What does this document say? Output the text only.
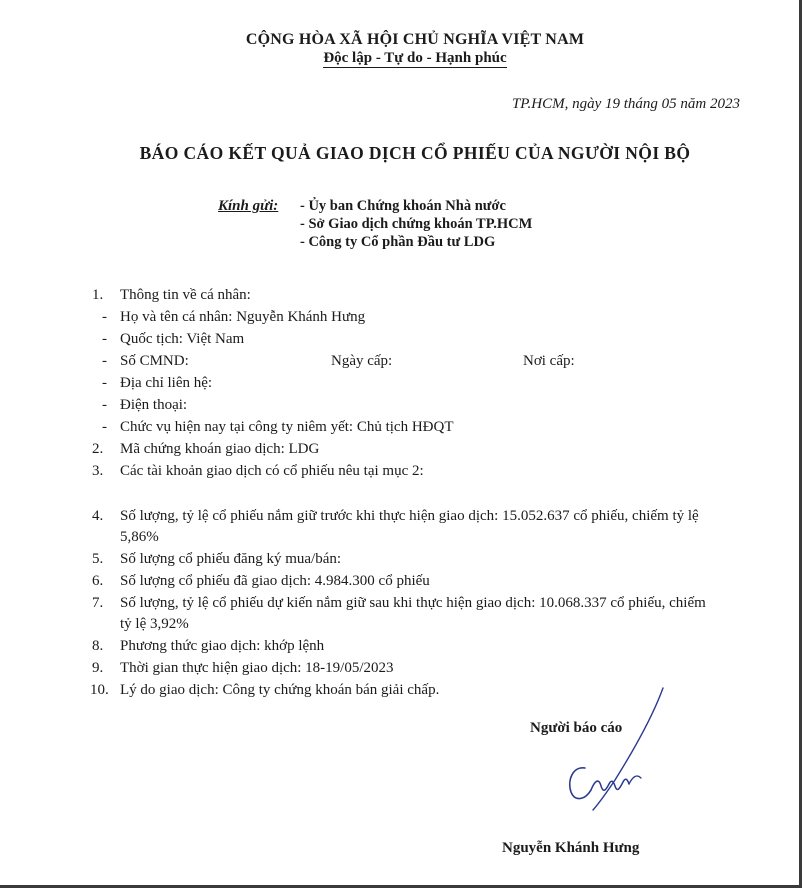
CỘNG HÒA XÃ HỘI CHỦ NGHĨA VIỆT NAM
Độc lập - Tự do - Hạnh phúc
TP.HCM, ngày 19 tháng 05 năm 2023
BÁO CÁO KẾT QUẢ GIAO DỊCH CỔ PHIẾU CỦA NGƯỜI NỘI BỘ
Kính gửi: - Ủy ban Chứng khoán Nhà nước
- Sở Giao dịch chứng khoán TP.HCM
- Công ty Cổ phần Đầu tư LDG
1. Thông tin về cá nhân:
- Họ và tên cá nhân: Nguyễn Khánh Hưng
- Quốc tịch: Việt Nam
- Số CMND:	Ngày cấp:	Nơi cấp:
- Địa chỉ liên hệ:
- Điện thoại:
- Chức vụ hiện nay tại công ty niêm yết: Chủ tịch HĐQT
2. Mã chứng khoán giao dịch: LDG
3. Các tài khoản giao dịch có cổ phiếu nêu tại mục 2:
4. Số lượng, tỷ lệ cổ phiếu nắm giữ trước khi thực hiện giao dịch: 15.052.637 cổ phiếu, chiếm tỷ lệ
5,86%
5. Số lượng cổ phiếu đăng ký mua/bán:
6. Số lượng cổ phiếu đã giao dịch: 4.984.300 cổ phiếu
7. Số lượng, tỷ lệ cổ phiếu dự kiến nắm giữ sau khi thực hiện giao dịch: 10.068.337 cổ phiếu, chiếm
tỷ lệ 3,92%
8. Phương thức giao dịch: khớp lệnh
9. Thời gian thực hiện giao dịch: 18-19/05/2023
10. Lý do giao dịch: Công ty chứng khoán bán giải chấp.
Người báo cáo
Nguyễn Khánh Hưng
